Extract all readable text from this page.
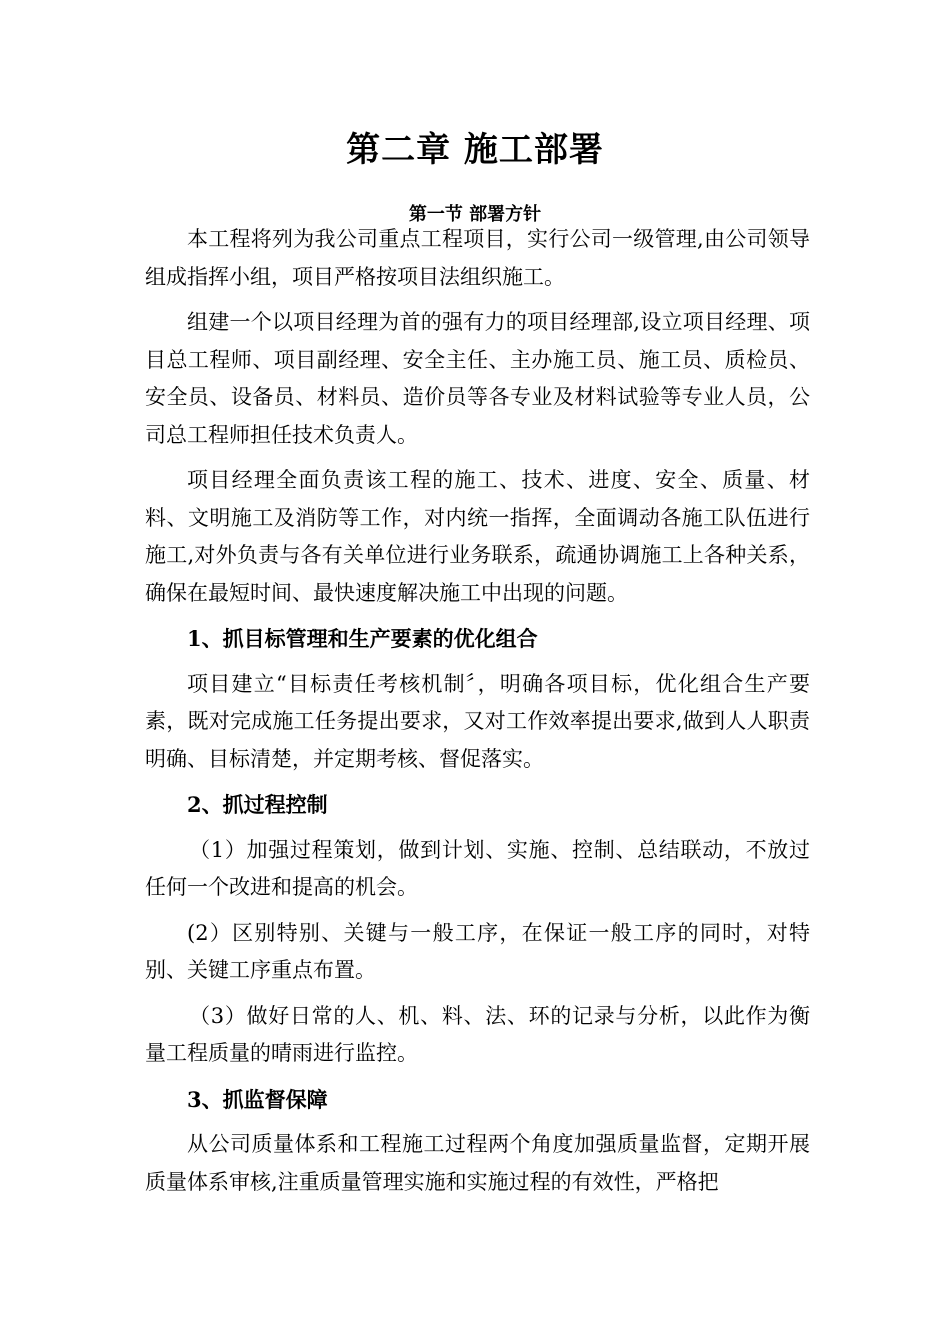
第二章 施工部署
第一节 部署方针

本工程将列为我公司重点工程项目，实行公司一级管理,由公司领导组成指挥小组，项目严格按项目法组织施工。

组建一个以项目经理为首的强有力的项目经理部,设立项目经理、项目总工程师、项目副经理、安全主任、主办施工员、施工员、质检员、安全员、设备员、材料员、造价员等各专业及材料试验等专业人员，公司总工程师担任技术负责人。

项目经理全面负责该工程的施工、技术、进度、安全、质量、材料、文明施工及消防等工作，对内统一指挥，全面调动各施工队伍进行施工,对外负责与各有关单位进行业务联系，疏通协调施工上各种关系，确保在最短时间、最快速度解决施工中出现的问题。

1、抓目标管理和生产要素的优化组合

项目建立“目标责任考核机制〞，明确各项目标，优化组合生产要素，既对完成施工任务提出要求，又对工作效率提出要求,做到人人职责明确、目标清楚，并定期考核、督促落实。

2、抓过程控制

（1）加强过程策划，做到计划、实施、控制、总结联动，不放过任何一个改进和提高的机会。

(2）区别特别、关键与一般工序，在保证一般工序的同时，对特别、关键工序重点布置。

（3）做好日常的人、机、料、法、环的记录与分析，以此作为衡量工程质量的晴雨进行监控。

3、抓监督保障

从公司质量体系和工程施工过程两个角度加强质量监督，定期开展质量体系审核,注重质量管理实施和实施过程的有效性，严格把
